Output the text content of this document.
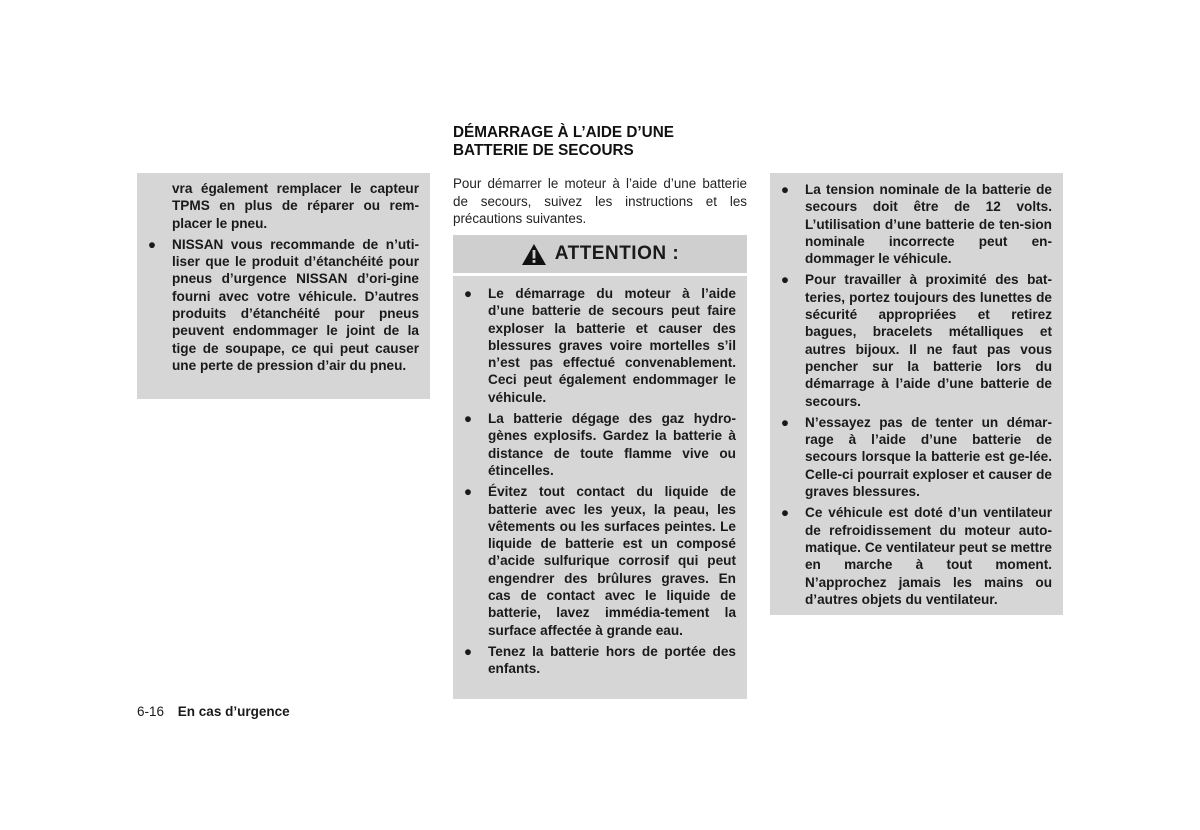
vra également remplacer le capteur TPMS en plus de réparer ou rem-placer le pneu.
● NISSAN vous recommande de n’uti-liser que le produit d’étanchéité pour pneus d’urgence NISSAN d’ori-gine fourni avec votre véhicule. D’autres produits d’étanchéité pour pneus peuvent endommager le joint de la tige de soupape, ce qui peut causer une perte de pression d’air du pneu.
DÉMARRAGE À L’AIDE D’UNE
BATTERIE DE SECOURS
Pour démarrer le moteur à l’aide d’une batterie de secours, suivez les instructions et les précautions suivantes.
ATTENTION :
● Le démarrage du moteur à l’aide d’une batterie de secours peut faire exploser la batterie et causer des blessures graves voire mortelles s’il n’est pas effectué convenablement. Ceci peut également endommager le véhicule.
● La batterie dégage des gaz hydro-gènes explosifs. Gardez la batterie à distance de toute flamme vive ou étincelles.
● Évitez tout contact du liquide de batterie avec les yeux, la peau, les vêtements ou les surfaces peintes. Le liquide de batterie est un composé d’acide sulfurique corrosif qui peut engendrer des brûlures graves. En cas de contact avec le liquide de batterie, lavez immédia-tement la surface affectée à grande eau.
● Tenez la batterie hors de portée des enfants.
● La tension nominale de la batterie de secours doit être de 12 volts. L’utilisation d’une batterie de ten-sion nominale incorrecte peut en-dommager le véhicule.
● Pour travailler à proximité des bat-teries, portez toujours des lunettes de sécurité appropriées et retirez bagues, bracelets métalliques et autres bijoux. Il ne faut pas vous pencher sur la batterie lors du démarrage à l’aide d’une batterie de secours.
● N’essayez pas de tenter un démar-rage à l’aide d’une batterie de secours lorsque la batterie est ge-lée. Celle-ci pourrait exploser et causer de graves blessures.
● Ce véhicule est doté d’un ventilateur de refroidissement du moteur auto-matique. Ce ventilateur peut se mettre en marche à tout moment. N’approchez jamais les mains ou d’autres objets du ventilateur.
6-16 En cas d’urgence
